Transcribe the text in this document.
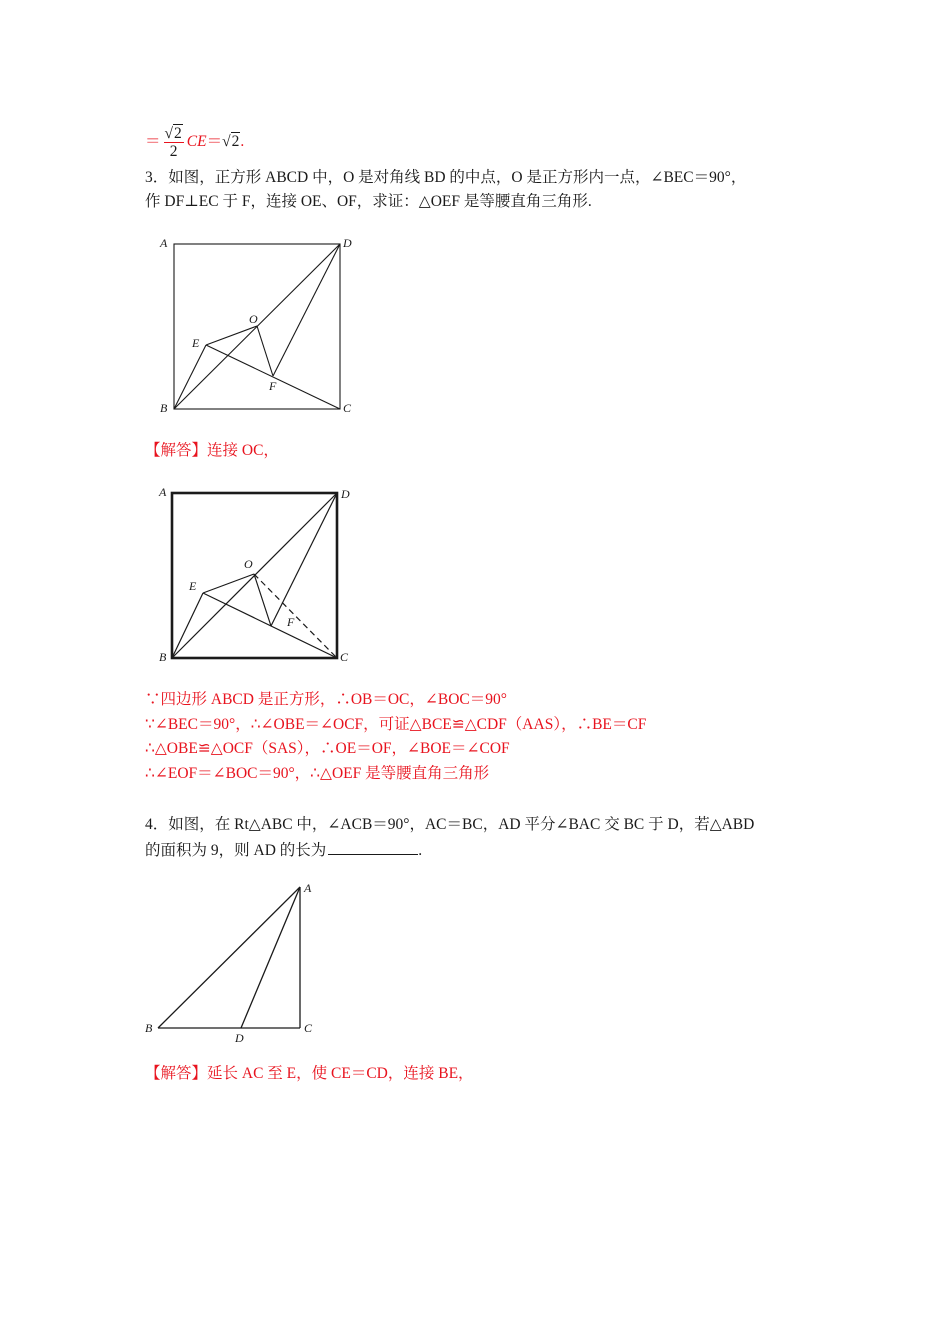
＝ $\frac{√2}{2} CE=√2$.
3．如图，正方形 ABCD 中，O 是对角线 BD 的中点，O 是正方形内一点，∠BEC＝90°，
作 DF⊥EC 于 F，连接 OE、OF，求证：△OEF 是等腰直角三角形.
A	D
O
E
F
B	C
【解答】连接 OC，
A	D
O
E
F
B	C
∵四边形 ABCD 是正方形，∴OB＝OC，∠BOC＝90°
∵∠BEC＝90°，∴∠OBE＝∠OCF，可证△BCE≌△CDF（AAS），∴BE＝CF
∴△OBE≌△OCF（SAS），∴OE＝OF，∠BOE＝∠COF
∴∠EOF＝∠BOC＝90°，∴△OEF 是等腰直角三角形
4．如图，在 Rt△ABC 中，∠ACB＝90°，AC＝BC，AD 平分∠BAC 交 BC 于 D，若△ABD
的面积为 9，则 AD 的长为	.
A
B
D
C
【解答】延长 AC 至 E，使 CE＝CD，连接 BE，
